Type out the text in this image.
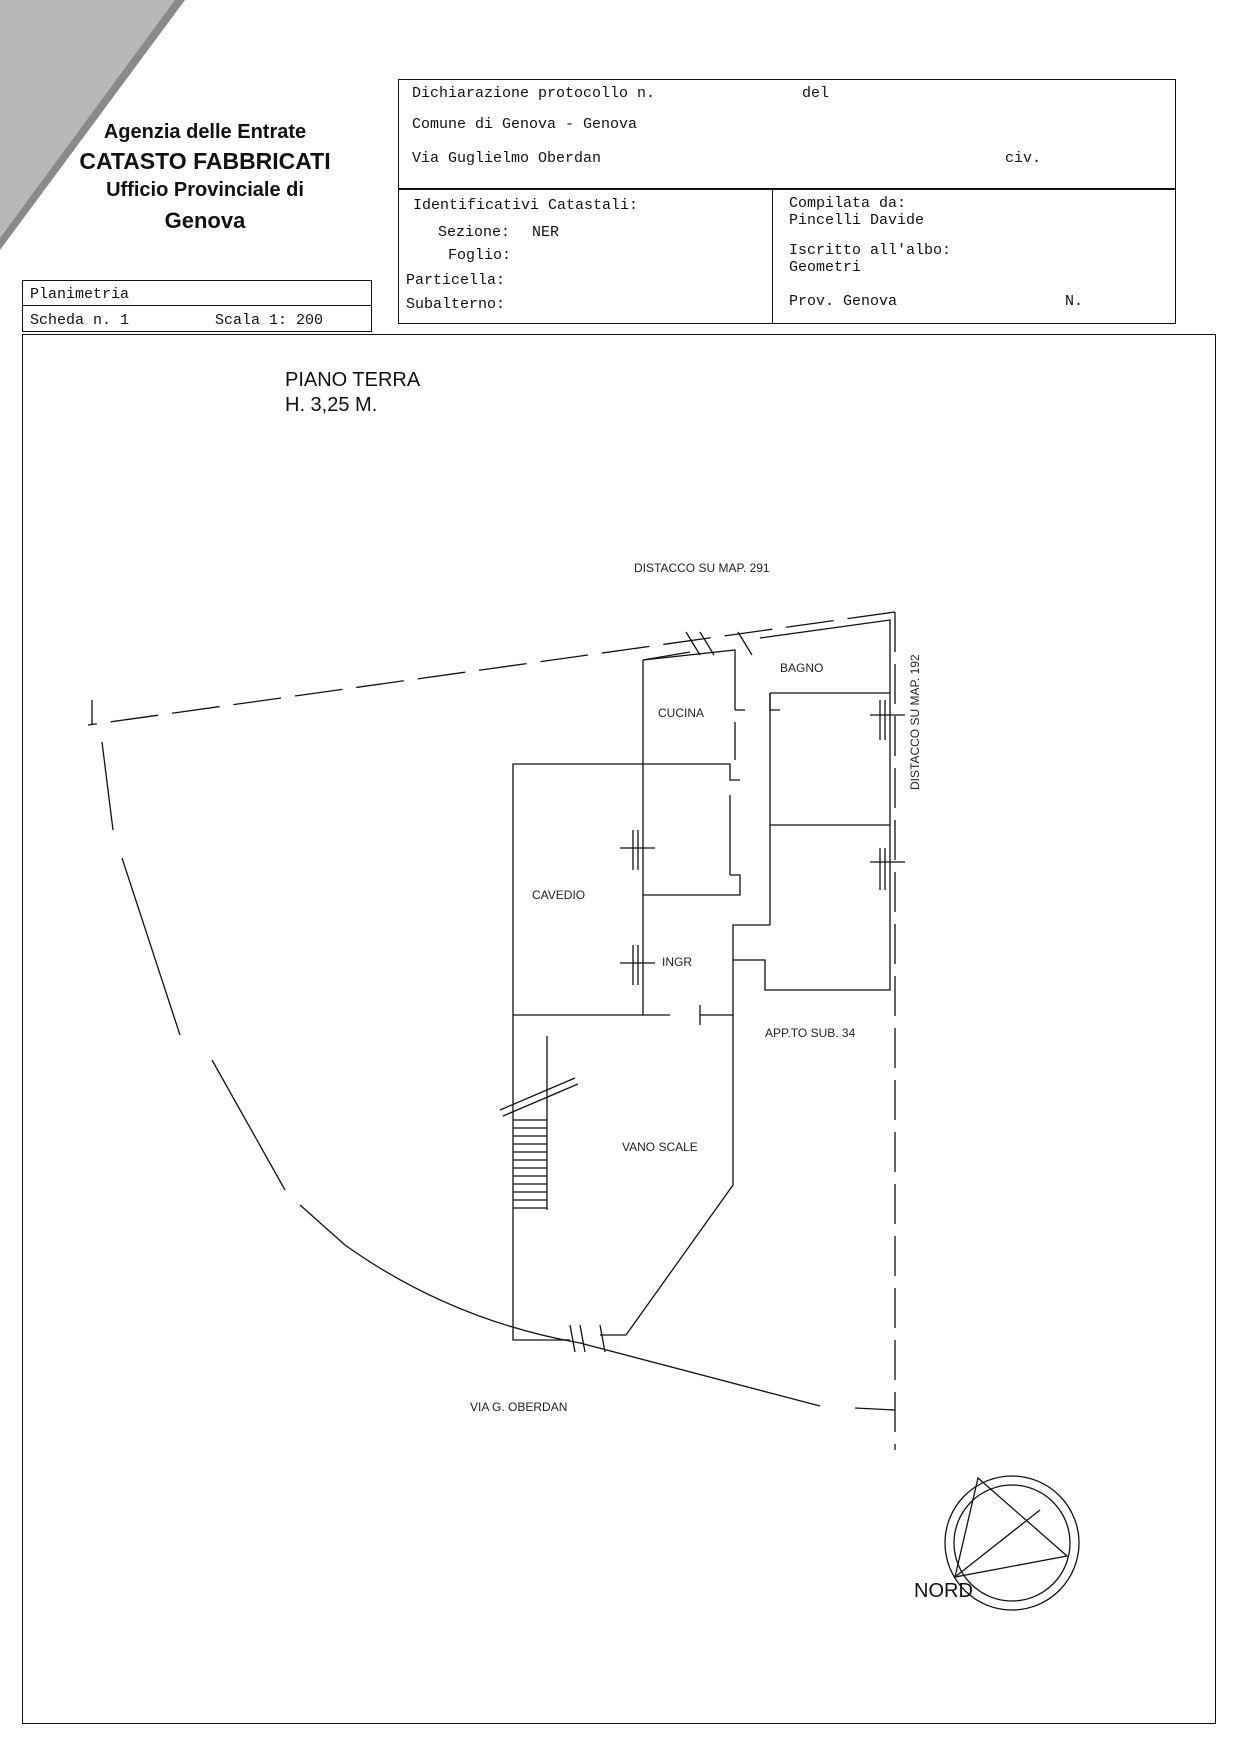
Agenzia delle Entrate
CATASTO FABBRICATI
Ufficio Provinciale di
Genova
Planimetria
Scheda n. 1	Scala 1: 200
Dichiarazione protocollo n.	del
Comune di Genova - Genova
Via Guglielmo Oberdan	civ.
Identificativi Catastali:
Sezione: NER
Foglio:
Particella:
Subalterno:
Compilata da:
Pincelli Davide
Iscritto all'albo:
Geometri
Prov. Genova	N.
PIANO TERRA
H. 3,25 M.
DISTACCO SU MAP. 291
DISTACCO SU MAP. 192
BAGNO
CUCINA
CAVEDIO
INGR
APP.TO SUB. 34
VANO SCALE
VIA G. OBERDAN
NORD
